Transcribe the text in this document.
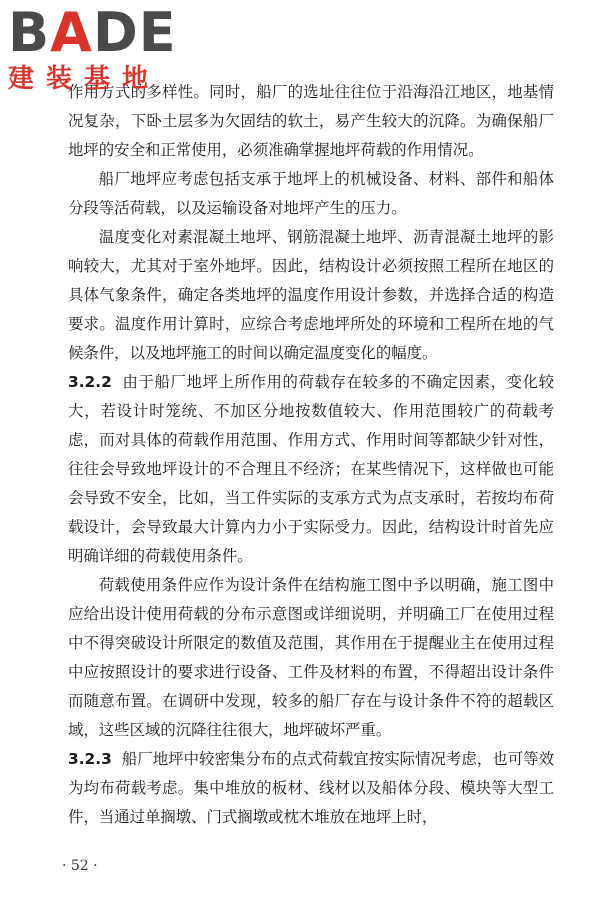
BADE
建装基地

作用方式的多样性。同时，船厂的选址往往位于沿海沿江地区，地基情况复杂，下卧土层多为欠固结的软土，易产生较大的沉降。为确保船厂地坪的安全和正常使用，必须准确掌握地坪荷载的作用情况。

船厂地坪应考虑包括支承于地坪上的机械设备、材料、部件和船体分段等活荷载，以及运输设备对地坪产生的压力。

温度变化对素混凝土地坪、钢筋混凝土地坪、沥青混凝土地坪的影响较大，尤其对于室外地坪。因此，结构设计必须按照工程所在地区的具体气象条件，确定各类地坪的温度作用设计参数，并选择合适的构造要求。温度作用计算时，应综合考虑地坪所处的环境和工程所在地的气候条件，以及地坪施工的时间以确定温度变化的幅度。

3.2.2 由于船厂地坪上所作用的荷载存在较多的不确定因素，变化较大，若设计时笼统、不加区分地按数值较大、作用范围较广的荷载考虑，而对具体的荷载作用范围、作用方式、作用时间等都缺少针对性，往往会导致地坪设计的不合理且不经济；在某些情况下，这样做也可能会导致不安全，比如，当工件实际的支承方式为点支承时，若按均布荷载设计，会导致最大计算内力小于实际受力。因此，结构设计时首先应明确详细的荷载使用条件。

荷载使用条件应作为设计条件在结构施工图中予以明确，施工图中应给出设计使用荷载的分布示意图或详细说明，并明确工厂在使用过程中不得突破设计所限定的数值及范围，其作用在于提醒业主在使用过程中应按照设计的要求进行设备、工件及材料的布置，不得超出设计条件而随意布置。在调研中发现，较多的船厂存在与设计条件不符的超载区域，这些区域的沉降往往很大，地坪破坏严重。

3.2.3 船厂地坪中较密集分布的点式荷载宜按实际情况考虑，也可等效为均布荷载考虑。集中堆放的板材、线材以及船体分段、模块等大型工件，当通过单搁墩、门式搁墩或枕木堆放在地坪上时，

· 52 ·
